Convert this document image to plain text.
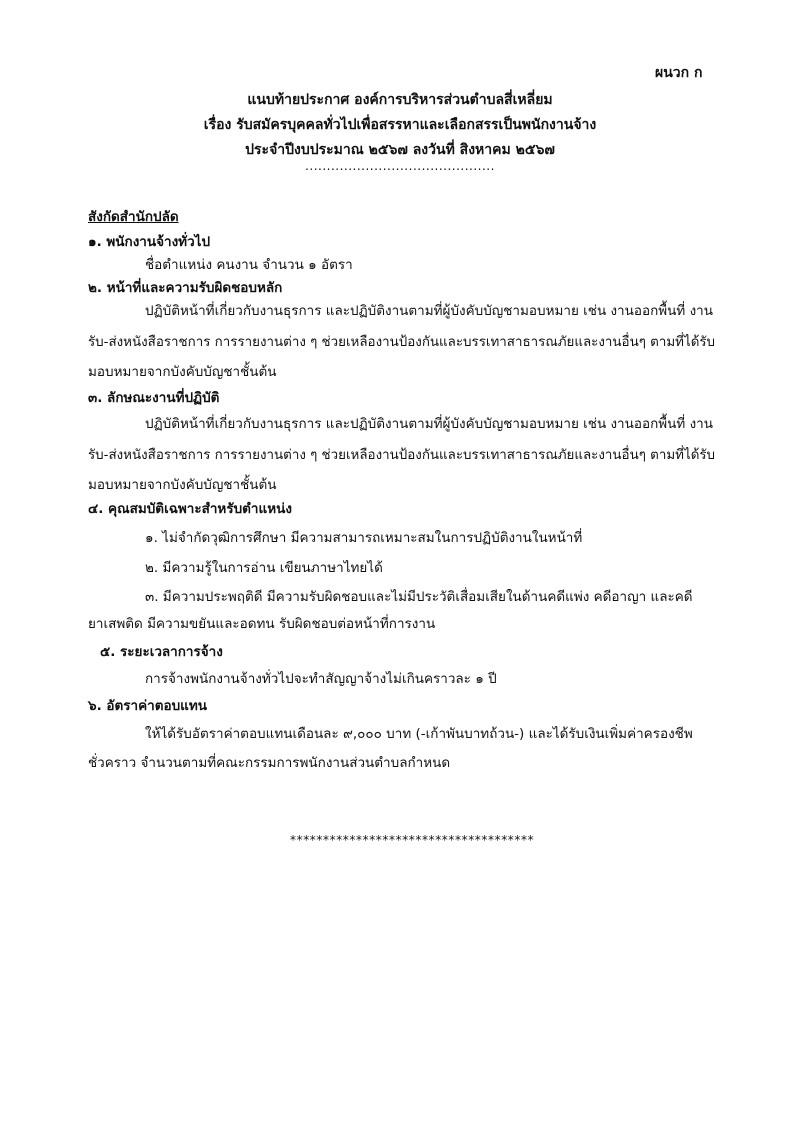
ผนวก ก
แนบท้ายประกาศ องค์การบริหารส่วนตำบลสี่เหลี่ยม
เรื่อง รับสมัครบุคคลทั่วไปเพื่อสรรหาและเลือกสรรเป็นพนักงานจ้าง
ประจำปีงบประมาณ ๒๕๖๗ ลงวันที่ สิงหาคม ๒๕๖๗
............................................
สังกัดสำนักปลัด
๑. พนักงานจ้างทั่วไป
ชื่อตำแหน่ง คนงาน จำนวน ๑ อัตรา
๒. หน้าที่และความรับผิดชอบหลัก
ปฏิบัติหน้าที่เกี่ยวกับงานธุรการ และปฏิบัติงานตามที่ผู้บังคับบัญชามอบหมาย เช่น งานออกพื้นที่ งาน
รับ-ส่งหนังสือราชการ การรายงานต่าง ๆ ช่วยเหลืองานป้องกันและบรรเทาสาธารณภัยและงานอื่นๆ ตามที่ได้รับ
มอบหมายจากบังคับบัญชาชั้นต้น
๓. ลักษณะงานที่ปฏิบัติ
ปฏิบัติหน้าที่เกี่ยวกับงานธุรการ และปฏิบัติงานตามที่ผู้บังคับบัญชามอบหมาย เช่น งานออกพื้นที่ งาน
รับ-ส่งหนังสือราชการ การรายงานต่าง ๆ ช่วยเหลืองานป้องกันและบรรเทาสาธารณภัยและงานอื่นๆ ตามที่ได้รับ
มอบหมายจากบังคับบัญชาชั้นต้น
๔. คุณสมบัติเฉพาะสำหรับตำแหน่ง
๑. ไม่จำกัดวุฒิการศึกษา มีความสามารถเหมาะสมในการปฏิบัติงานในหน้าที่
๒. มีความรู้ในการอ่าน เขียนภาษาไทยได้
๓. มีความประพฤติดี มีความรับผิดชอบและไม่มีประวัติเสื่อมเสียในด้านคดีแพ่ง คดีอาญา และคดี
ยาเสพติด มีความขยันและอดทน รับผิดชอบต่อหน้าที่การงาน
๕. ระยะเวลาการจ้าง
การจ้างพนักงานจ้างทั่วไปจะทำสัญญาจ้างไม่เกินคราวละ ๑ ปี
๖. อัตราค่าตอบแทน
ให้ได้รับอัตราค่าตอบแทนเดือนละ ๙,๐๐๐ บาท (-เก้าพันบาทถ้วน-) และได้รับเงินเพิ่มค่าครองชีพ
ชั่วคราว จำนวนตามที่คณะกรรมการพนักงานส่วนตำบลกำหนด
*************************************
